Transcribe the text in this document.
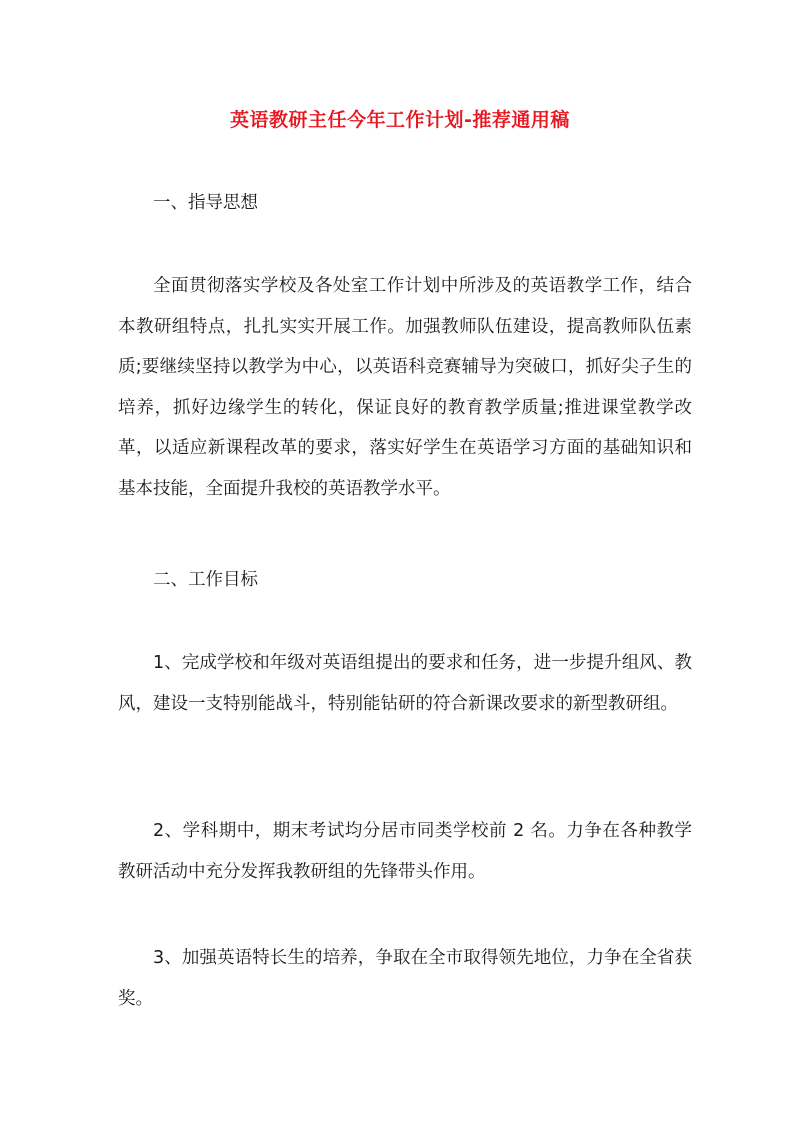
英语教研主任今年工作计划-推荐通用稿

一、指导思想

全面贯彻落实学校及各处室工作计划中所涉及的英语教学工作，结合本教研组特点，扎扎实实开展工作。加强教师队伍建设，提高教师队伍素质;要继续坚持以教学为中心，以英语科竞赛辅导为突破口，抓好尖子生的培养，抓好边缘学生的转化，保证良好的教育教学质量;推进课堂教学改革，以适应新课程改革的要求，落实好学生在英语学习方面的基础知识和基本技能，全面提升我校的英语教学水平。

二、工作目标

1、完成学校和年级对英语组提出的要求和任务，进一步提升组风、教风，建设一支特别能战斗，特别能钻研的符合新课改要求的新型教研组。

2、学科期中，期末考试均分居市同类学校前 2 名。力争在各种教学教研活动中充分发挥我教研组的先锋带头作用。

3、加强英语特长生的培养，争取在全市取得领先地位，力争在全省获奖。
